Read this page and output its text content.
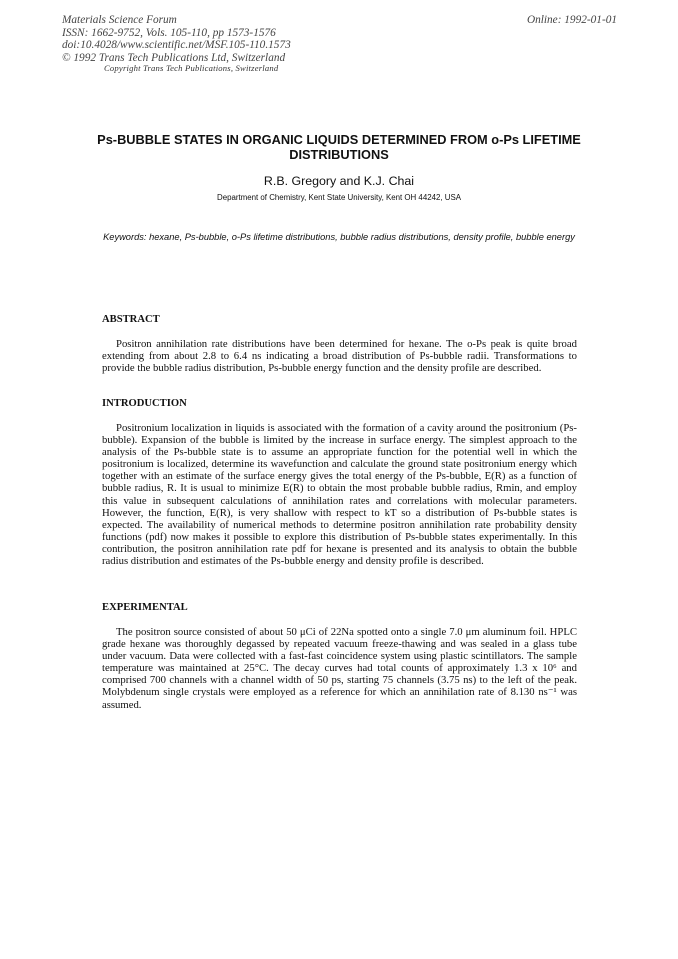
Materials Science Forum
ISSN: 1662-9752, Vols. 105-110, pp 1573-1576
doi:10.4028/www.scientific.net/MSF.105-110.1573
© 1992 Trans Tech Publications Ltd, Switzerland
Online: 1992-01-01
Copyright Trans Tech Publications, Switzerland
Ps-BUBBLE STATES IN ORGANIC LIQUIDS DETERMINED FROM o-Ps LIFETIME DISTRIBUTIONS
R.B. Gregory and K.J. Chai
Department of Chemistry, Kent State University, Kent OH 44242, USA
Keywords: hexane, Ps-bubble, o-Ps lifetime distributions, bubble radius distributions, density profile, bubble energy
ABSTRACT
Positron annihilation rate distributions have been determined for hexane. The o-Ps peak is quite broad extending from about 2.8 to 6.4 ns indicating a broad distribution of Ps-bubble radii. Transformations to provide the bubble radius distribution, Ps-bubble energy function and the density profile are described.
INTRODUCTION
Positronium localization in liquids is associated with the formation of a cavity around the positronium (Ps-bubble). Expansion of the bubble is limited by the increase in surface energy. The simplest approach to the analysis of the Ps-bubble state is to assume an appropriate function for the potential well in which the positronium is localized, determine its wavefunction and calculate the ground state positronium energy which together with an estimate of the surface energy gives the total energy of the Ps-bubble, E(R) as a function of bubble radius, R. It is usual to minimize E(R) to obtain the most probable bubble radius, Rmin, and employ this value in subsequent calculations of annihilation rates and correlations with molecular parameters. However, the function, E(R), is very shallow with respect to kT so a distribution of Ps-bubble states is expected. The availability of numerical methods to determine positron annihilation rate probability density functions (pdf) now makes it possible to explore this distribution of Ps-bubble states experimentally. In this contribution, the positron annihilation rate pdf for hexane is presented and its analysis to obtain the bubble radius distribution and estimates of the Ps-bubble energy and density profile is described.
EXPERIMENTAL
The positron source consisted of about 50 μCi of 22Na spotted onto a single 7.0 μm aluminum foil. HPLC grade hexane was thoroughly degassed by repeated vacuum freeze-thawing and was sealed in a glass tube under vacuum. Data were collected with a fast-fast coincidence system using plastic scintillators. The sample temperature was maintained at 25°C. The decay curves had total counts of approximately 1.3 x 10⁶ and comprised 700 channels with a channel width of 50 ps, starting 75 channels (3.75 ns) to the left of the peak. Molybdenum single crystals were employed as a reference for which an annihilation rate of 8.130 ns⁻¹ was assumed.
